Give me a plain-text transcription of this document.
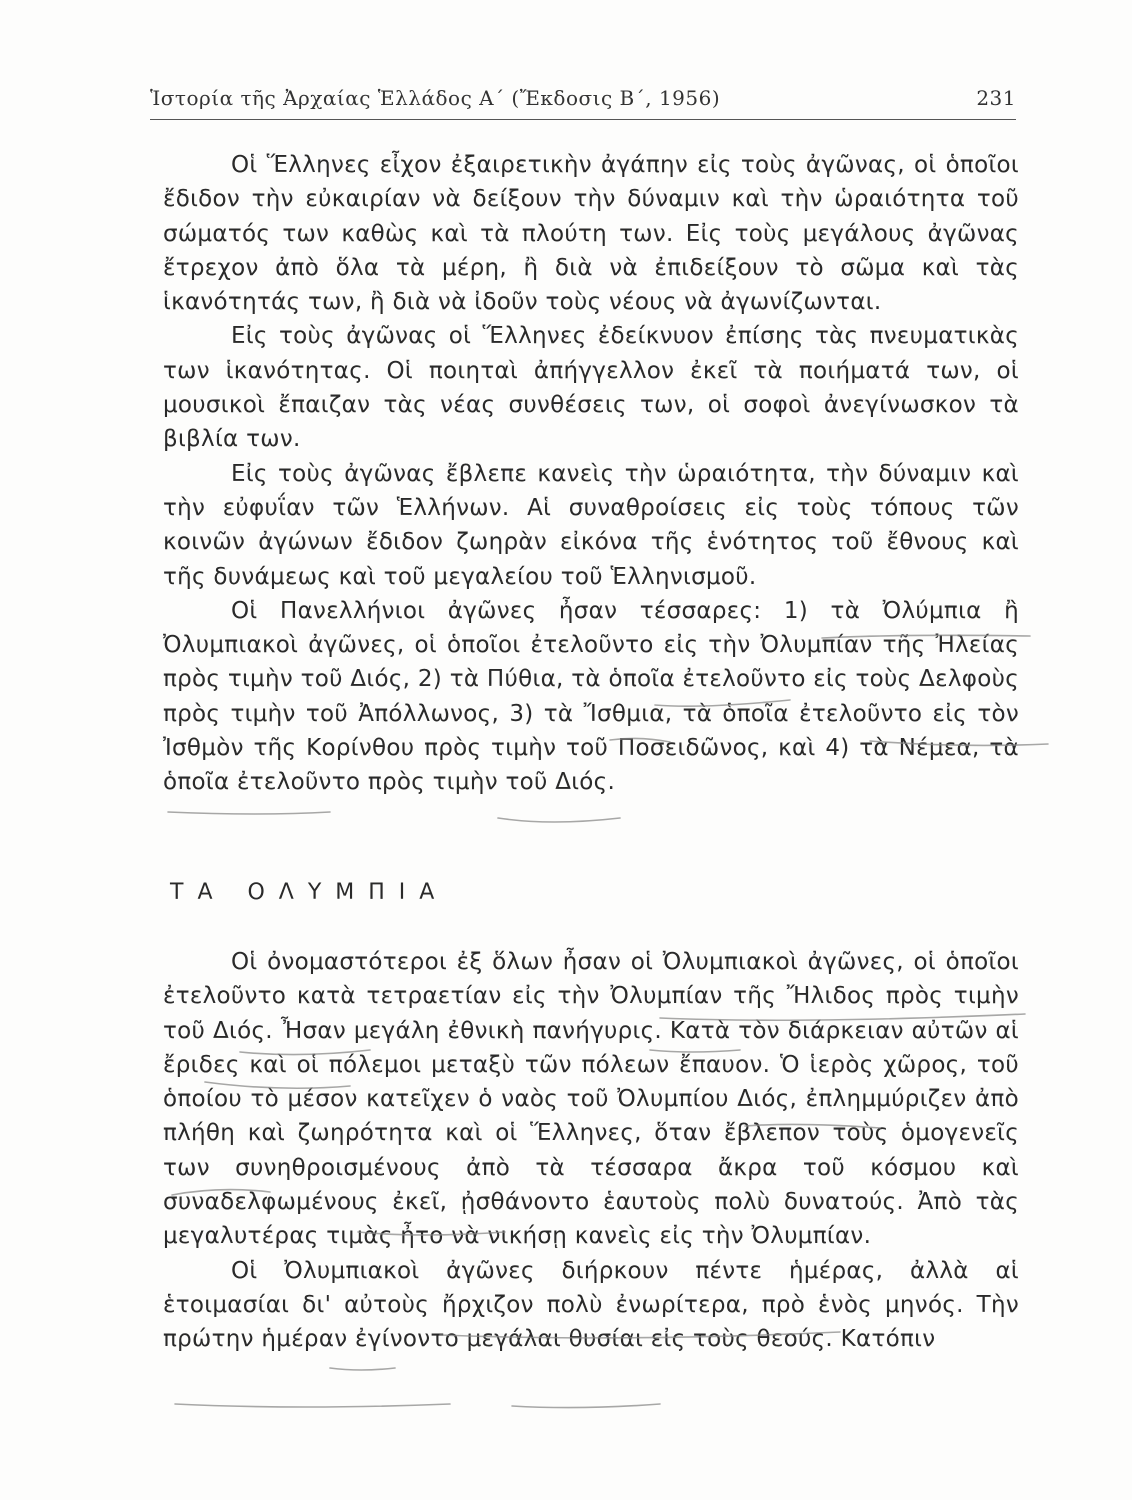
Ἱστορία τῆς Ἀρχαίας Ἑλλάδος Α΄ (Ἔκδοσις Β΄, 1956)	231

Οἱ Ἕλληνες εἶχον ἐξαιρετικὴν ἀγάπην εἰς τοὺς ἀγῶνας, οἱ ὁποῖοι ἔδιδον τὴν εὐκαιρίαν νὰ δείξουν τὴν δύναμιν καὶ τὴν ὡραιότητα τοῦ σώματός των καθὼς καὶ τὰ πλούτη των. Εἰς τοὺς μεγάλους ἀγῶνας ἔτρεχον ἀπὸ ὅλα τὰ μέρη, ἢ διὰ νὰ ἐπιδείξουν τὸ σῶμα καὶ τὰς ἱκανότητάς των, ἢ διὰ νὰ ἰδοῦν τοὺς νέους νὰ ἀγωνίζωνται.

Εἰς τοὺς ἀγῶνας οἱ Ἕλληνες ἐδείκνυον ἐπίσης τὰς πνευματικὰς των ἱκανότητας. Οἱ ποιηταὶ ἀπήγγελλον ἐκεῖ τὰ ποιήματά των, οἱ μουσικοὶ ἔπαιζαν τὰς νέας συνθέσεις των, οἱ σοφοὶ ἀνεγίνωσκον τὰ βιβλία των.

Εἰς τοὺς ἀγῶνας ἔβλεπε κανεὶς τὴν ὡραιότητα, τὴν δύναμιν καὶ τὴν εὐφυΐαν τῶν Ἑλλήνων. Αἱ συναθροίσεις εἰς τοὺς τόπους τῶν κοινῶν ἀγώνων ἔδιδον ζωηρὰν εἰκόνα τῆς ἑνότητος τοῦ ἔθνους καὶ τῆς δυνάμεως καὶ τοῦ μεγαλείου τοῦ Ἑλληνισμοῦ.

Οἱ Πανελλήνιοι ἀγῶνες ἦσαν τέσσαρες: 1) τὰ Ὀλύμπια ἢ Ὀλυμπιακοὶ ἀγῶνες, οἱ ὁποῖοι ἐτελοῦντο εἰς τὴν Ὀλυμπίαν τῆς Ἠλείας πρὸς τιμὴν τοῦ Διός, 2) τὰ Πύθια, τὰ ὁποῖα ἐτελοῦντο εἰς τοὺς Δελφοὺς πρὸς τιμὴν τοῦ Ἀπόλλωνος, 3) τὰ Ἴσθμια, τὰ ὁποῖα ἐτελοῦντο εἰς τὸν Ἰσθμὸν τῆς Κορίνθου πρὸς τιμὴν τοῦ Ποσειδῶνος, καὶ 4) τὰ Νέμεα, τὰ ὁποῖα ἐτελοῦντο πρὸς τιμὴν τοῦ Διός.

ΤΑ ΟΛΥΜΠΙΑ

Οἱ ὀνομαστότεροι ἐξ ὅλων ἦσαν οἱ Ὀλυμπιακοὶ ἀγῶνες, οἱ ὁποῖοι ἐτελοῦντο κατὰ τετραετίαν εἰς τὴν Ὀλυμπίαν τῆς Ἤλιδος πρὸς τιμὴν τοῦ Διός. Ἦσαν μεγάλη ἐθνικὴ πανήγυρις. Κατὰ τὸν διάρκειαν αὐτῶν αἱ ἔριδες καὶ οἱ πόλεμοι μεταξὺ τῶν πόλεων ἔπαυον. Ὁ ἱερὸς χῶρος, τοῦ ὁποίου τὸ μέσον κατεῖχεν ὁ ναὸς τοῦ Ὀλυμπίου Διός, ἐπλημμύριζεν ἀπὸ πλήθη καὶ ζωηρότητα καὶ οἱ Ἕλληνες, ὅταν ἔβλεπον τοὺς ὁμογενεῖς των συνηθροισμένους ἀπὸ τὰ τέσσαρα ἄκρα τοῦ κόσμου καὶ συναδελφωμένους ἐκεῖ, ᾐσθάνοντο ἑαυτοὺς πολὺ δυνατούς. Ἀπὸ τὰς μεγαλυτέρας τιμὰς ἦτο νὰ νικήσῃ κανεὶς εἰς τὴν Ὀλυμπίαν.

Οἱ Ὀλυμπιακοὶ ἀγῶνες διήρκουν πέντε ἡμέρας, ἀλλὰ αἱ ἑτοιμασίαι δι' αὐτοὺς ἤρχιζον πολὺ ἐνωρίτερα, πρὸ ἑνὸς μηνός. Τὴν πρώτην ἡμέραν ἐγίνοντο μεγάλαι θυσίαι εἰς τοὺς θεούς. Κατόπιν
